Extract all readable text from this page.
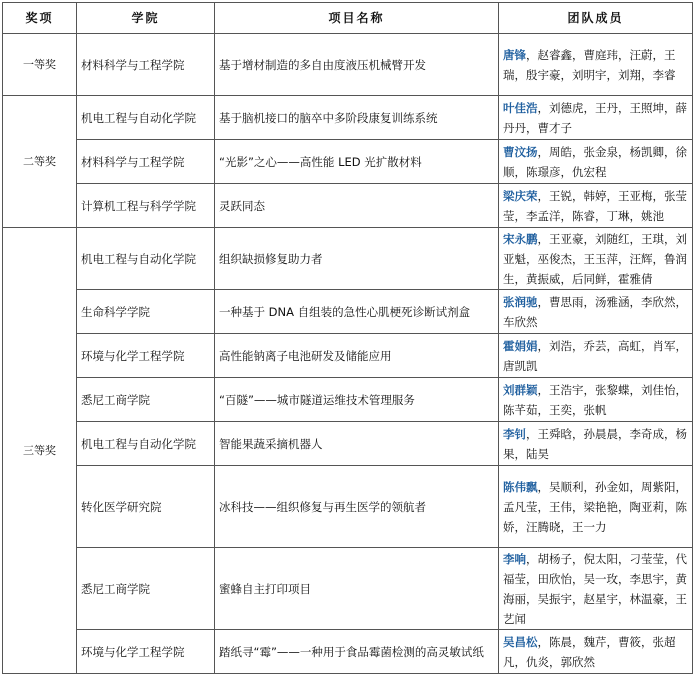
奖项	学院	项目名称	团队成员
一等奖	材料科学与工程学院	基于增材制造的多自由度液压机械臂开发	唐锋，赵睿鑫，曹庭玮，汪蔚，王瑞，殷宇豪，刘明宇，刘翔，李睿
二等奖	机电工程与自动化学院	基于脑机接口的脑卒中多阶段康复训练系统	叶佳浩，刘德虎，王丹，王照坤，薛丹丹，曹才子
	材料科学与工程学院	“光影”之心——高性能 LED 光扩散材料	曹汶扬，周皓，张金泉，杨凯卿，徐顺，陈璟彦，仇宏程
	计算机工程与科学学院	灵跃同态	梁庆荣，王锐，韩婷，王亚梅，张莹莹，李孟洋，陈睿，丁琳，姚池
三等奖	机电工程与自动化学院	组织缺损修复助力者	宋永鹏，王亚豪，刘随红，王琪，刘亚魁，巫俊杰，王玉萍，汪辉，鲁润生，黄振威，后同鲜，霍雅倩
	生命科学学院	一种基于 DNA 自组装的急性心肌梗死诊断试剂盒	张润驰，曹思雨，汤雅涵，李欣然，车欣然
	环境与化学工程学院	高性能钠离子电池研发及储能应用	霍娟娟，刘浩，乔芸，高虹，肖军，唐凯凯
	悉尼工商学院	“百隧”——城市隧道运维技术管理服务	刘群颖，王浩宇，张黎蝶，刘佳怡，陈芊茹，王奕，张帆
	机电工程与自动化学院	智能果蔬采摘机器人	李钊，王舜晗，孙晨晨，李奇成，杨果，陆昊
	转化医学研究院	冰科技——组织修复与再生医学的领航者	陈伟飘，吴顺利，孙金如，周紫阳，孟凡莹，王伟，梁艳艳，陶亚莉，陈娇，汪腾晓，王一力
	悉尼工商学院	蜜蜂自主打印项目	李响，胡杨子，倪太阳，刁莹莹，代福莹，田欣怡，吴一玫，李思宇，黄海丽，吴振宇，赵星宇，林温豪，王艺闻
	环境与化学工程学院	踏纸寻“霉”——一种用于食品霉菌检测的高灵敏试纸	吴昌松，陈晨，魏芹，曹筱，张超凡，仇炎，郭欣然
